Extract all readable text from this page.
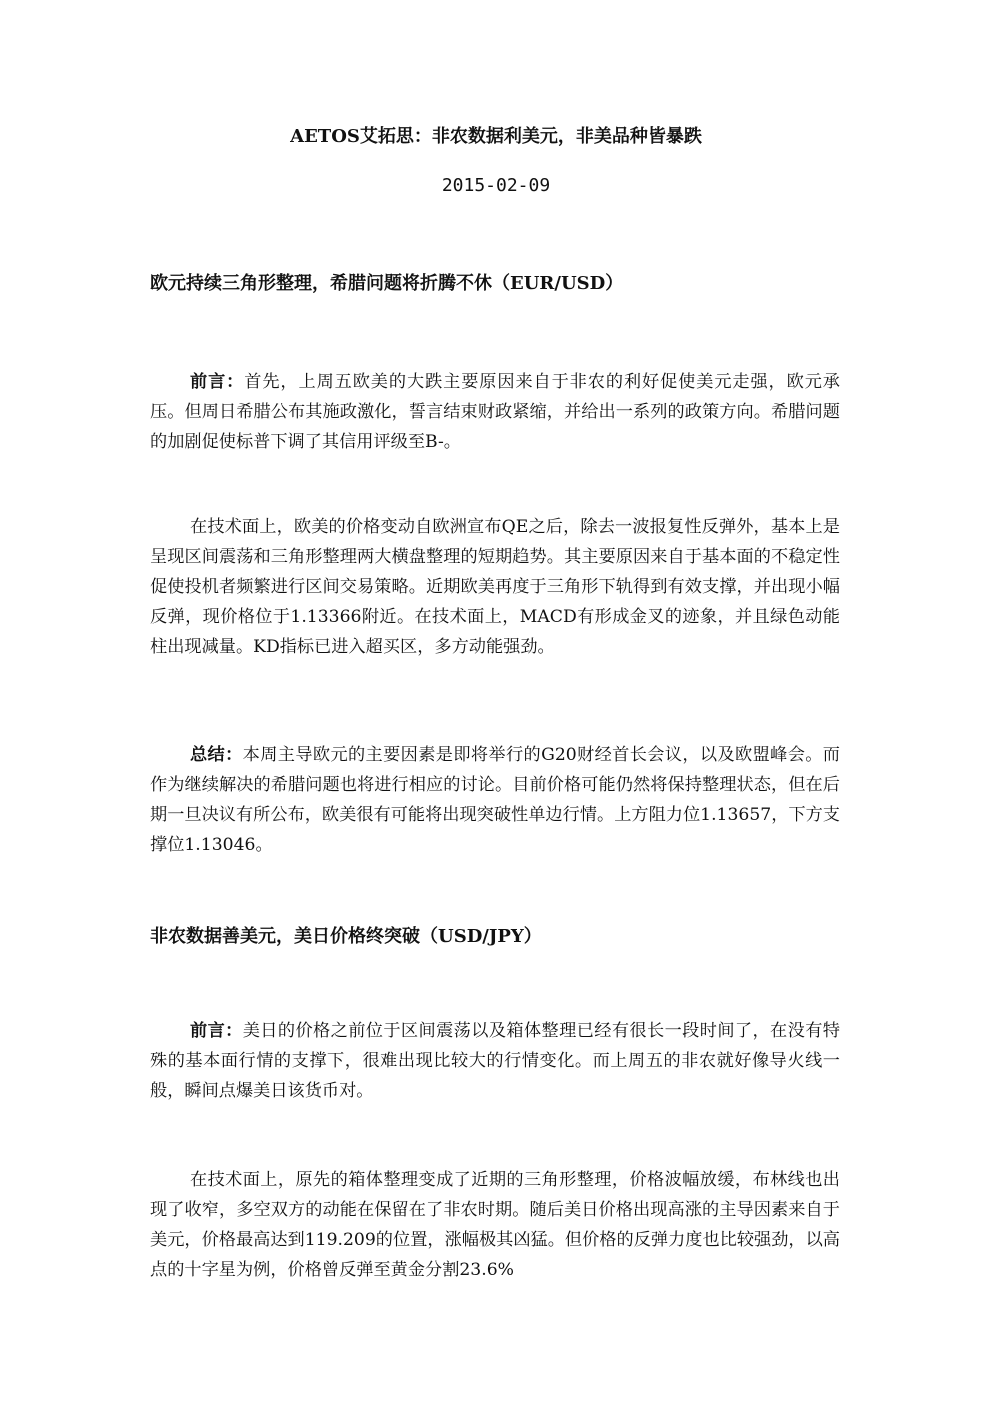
AETOS艾拓思：非农数据利美元，非美品种皆暴跌
2015-02-09
欧元持续三角形整理，希腊问题将折腾不休（EUR/USD）

前言：首先，上周五欧美的大跌主要原因来自于非农的利好促使美元走强，欧元承压。但周日希腊公布其施政激化，誓言结束财政紧缩，并给出一系列的政策方向。希腊问题的加剧促使标普下调了其信用评级至B-。

在技术面上，欧美的价格变动自欧洲宣布QE之后，除去一波报复性反弹外，基本上是呈现区间震荡和三角形整理两大横盘整理的短期趋势。其主要原因来自于基本面的不稳定性促使投机者频繁进行区间交易策略。近期欧美再度于三角形下轨得到有效支撑，并出现小幅反弹，现价格位于1.13366附近。在技术面上，MACD有形成金叉的迹象，并且绿色动能柱出现减量。KD指标已进入超买区，多方动能强劲。

总结：本周主导欧元的主要因素是即将举行的G20财经首长会议，以及欧盟峰会。而作为继续解决的希腊问题也将进行相应的讨论。目前价格可能仍然将保持整理状态，但在后期一旦决议有所公布，欧美很有可能将出现突破性单边行情。上方阻力位1.13657，下方支撑位1.13046。

非农数据善美元，美日价格终突破（USD/JPY）

前言：美日的价格之前位于区间震荡以及箱体整理已经有很长一段时间了，在没有特殊的基本面行情的支撑下，很难出现比较大的行情变化。而上周五的非农就好像导火线一般，瞬间点爆美日该货币对。

在技术面上，原先的箱体整理变成了近期的三角形整理，价格波幅放缓，布林线也出现了收窄，多空双方的动能在保留在了非农时期。随后美日价格出现高涨的主导因素来自于美元，价格最高达到119.209的位置，涨幅极其凶猛。但价格的反弹力度也比较强劲，以高点的十字星为例，价格曾反弹至黄金分割23.6%
